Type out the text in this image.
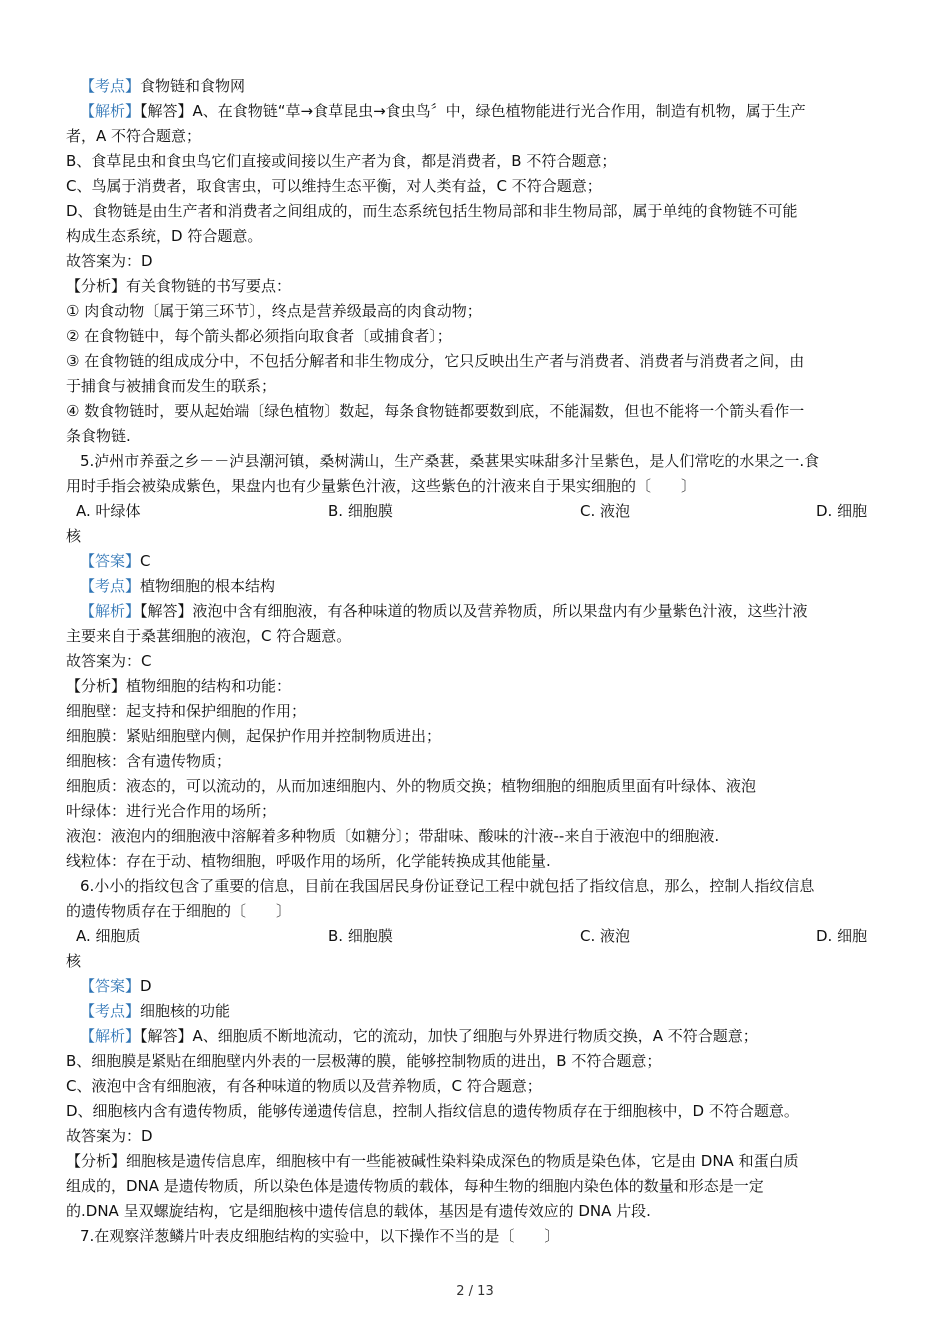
【考点】食物链和食物网
【解析】【解答】A、在食物链“草→食草昆虫→食虫鸟〞中，绿色植物能进行光合作用，制造有机物，属于生产
者，A 不符合题意；
B、食草昆虫和食虫鸟它们直接或间接以生产者为食，都是消费者，B 不符合题意；
C、鸟属于消费者，取食害虫，可以维持生态平衡，对人类有益，C 不符合题意；
D、食物链是由生产者和消费者之间组成的，而生态系统包括生物局部和非生物局部，属于单纯的食物链不可能
构成生态系统，D 符合题意。
故答案为：D
【分析】有关食物链的书写要点：
① 肉食动物〔属于第三环节〕，终点是营养级最高的肉食动物；
② 在食物链中，每个箭头都必须指向取食者〔或捕食者〕；
③ 在食物链的组成成分中，不包括分解者和非生物成分，它只反映出生产者与消费者、消费者与消费者之间，由
于捕食与被捕食而发生的联系；
④ 数食物链时，要从起始端〔绿色植物〕数起，每条食物链都要数到底，不能漏数，但也不能将一个箭头看作一
条食物链.
5.泸州市养蚕之乡－－泸县潮河镇，桑树满山，生产桑葚，桑葚果实味甜多汁呈紫色，是人们常吃的水果之一.食
用时手指会被染成紫色，果盘内也有少量紫色汁液，这些紫色的汁液来自于果实细胞的〔　　〕
A. 叶绿体	B. 细胞膜	C. 液泡	D. 细胞
核
【答案】C
【考点】植物细胞的根本结构
【解析】【解答】液泡中含有细胞液，有各种味道的物质以及营养物质，所以果盘内有少量紫色汁液，这些汁液
主要来自于桑葚细胞的液泡，C 符合题意。
故答案为：C
【分析】植物细胞的结构和功能：
细胞壁：起支持和保护细胞的作用；
细胞膜：紧贴细胞壁内侧，起保护作用并控制物质进出；
细胞核：含有遗传物质；
细胞质：液态的，可以流动的，从而加速细胞内、外的物质交换；植物细胞的细胞质里面有叶绿体、液泡
叶绿体：进行光合作用的场所；
液泡：液泡内的细胞液中溶解着多种物质〔如糖分〕；带甜味、酸味的汁液--来自于液泡中的细胞液.
线粒体：存在于动、植物细胞，呼吸作用的场所，化学能转换成其他能量.
6.小小的指纹包含了重要的信息，目前在我国居民身份证登记工程中就包括了指纹信息，那么，控制人指纹信息
的遗传物质存在于细胞的〔　　〕
A. 细胞质	B. 细胞膜	C. 液泡	D. 细胞
核
【答案】D
【考点】细胞核的功能
【解析】【解答】A、细胞质不断地流动，它的流动，加快了细胞与外界进行物质交换，A 不符合题意；
B、细胞膜是紧贴在细胞壁内外表的一层极薄的膜，能够控制物质的进出，B 不符合题意；
C、液泡中含有细胞液，有各种味道的物质以及营养物质，C 符合题意；
D、细胞核内含有遗传物质，能够传递遗传信息，控制人指纹信息的遗传物质存在于细胞核中，D 不符合题意。
故答案为：D
【分析】细胞核是遗传信息库，细胞核中有一些能被碱性染料染成深色的物质是染色体，它是由 DNA 和蛋白质
组成的，DNA 是遗传物质，所以染色体是遗传物质的载体，每种生物的细胞内染色体的数量和形态是一定
的.DNA 呈双螺旋结构，它是细胞核中遗传信息的载体，基因是有遗传效应的 DNA 片段.
7.在观察洋葱鳞片叶表皮细胞结构的实验中，以下操作不当的是〔　　〕
2 / 13
